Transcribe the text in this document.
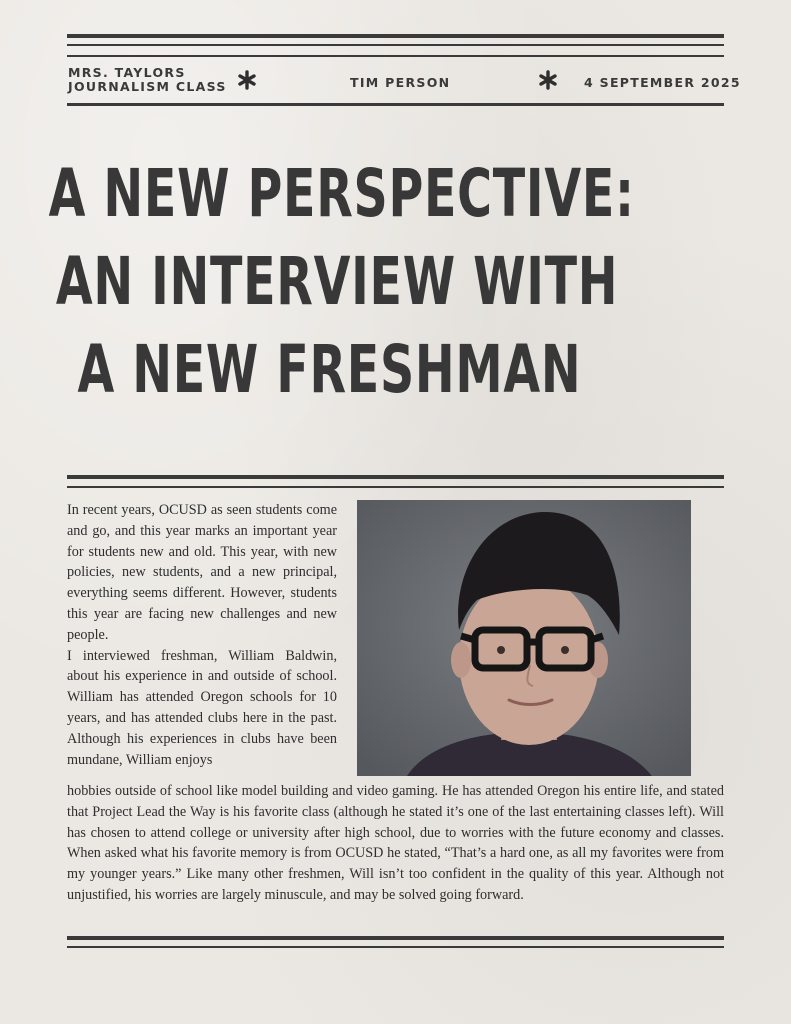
MRS. TAYLORS
JOURNALISM CLASS	TIM PERSON	4 SEPTEMBER 2025
A NEW PERSPECTIVE:
AN INTERVIEW WITH
A NEW FRESHMAN

In recent years, OCUSD as seen students come and go, and this year marks an important year for students new and old. This year, with new policies, new students, and a new principal, everything seems different. However, students this year are facing new challenges and new people.

I interviewed freshman, William Baldwin, about his experience in and outside of school. William has attended Oregon schools for 10 years, and has attended clubs here in the past. Although his experiences in clubs have been mundane, William enjoys

hobbies outside of school like model building and video gaming. He has attended Oregon his entire life, and stated that Project Lead the Way is his favorite class (although he stated it’s one of the last entertaining classes left). Will has chosen to attend college or university after high school, due to worries with the future economy and classes. When asked what his favorite memory is from OCUSD he stated, “That’s a hard one, as all my favorites were from my younger years.” Like many other freshmen, Will isn’t too confident in the quality of this year. Although not unjustified, his worries are largely minuscule, and may be solved going forward.
